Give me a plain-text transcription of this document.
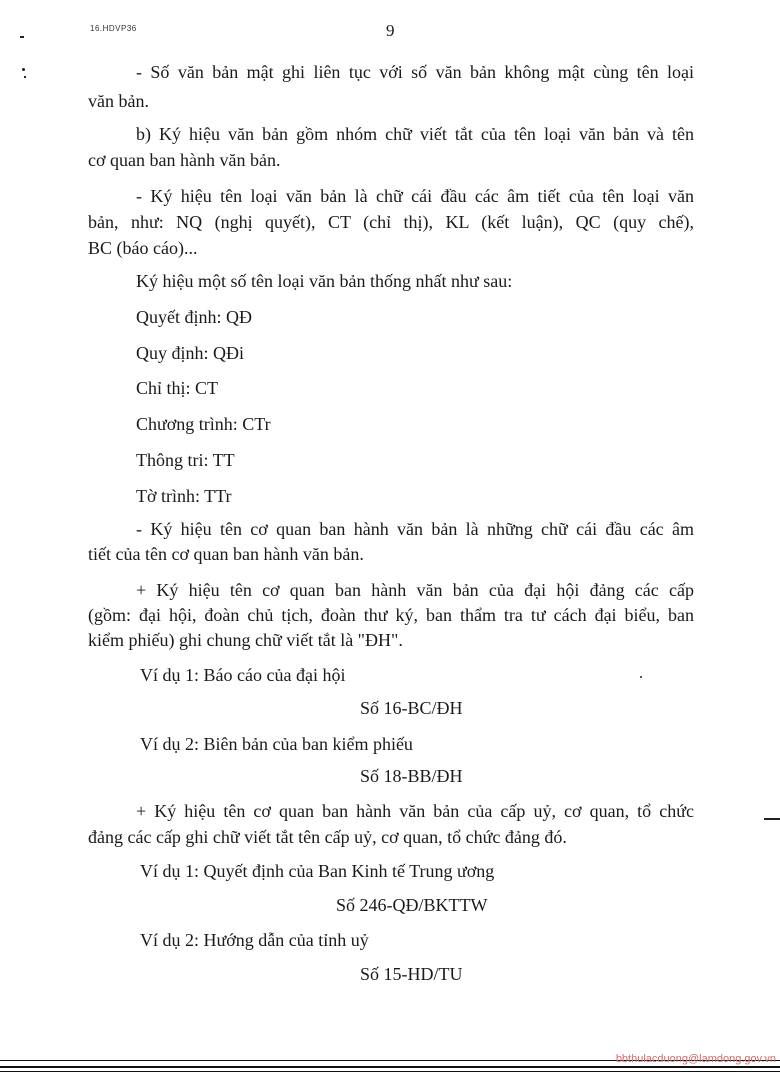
16.HDVP36	9
- Số văn bản mật ghi liên tục với số văn bản không mật cùng tên loại
văn bản.
b) Ký hiệu văn bản gồm nhóm chữ viết tắt của tên loại văn bản và tên
cơ quan ban hành văn bản.
- Ký hiệu tên loại văn bản là chữ cái đầu các âm tiết của tên loại văn
bản, như: NQ (nghị quyết), CT (chỉ thị), KL (kết luận), QC (quy chế),
BC (báo cáo)...
Ký hiệu một số tên loại văn bản thống nhất như sau:
Quyết định: QĐ
Quy định: QĐi
Chỉ thị: CT
Chương trình: CTr
Thông tri: TT
Tờ trình: TTr
- Ký hiệu tên cơ quan ban hành văn bản là những chữ cái đầu các âm
tiết của tên cơ quan ban hành văn bản.
+ Ký hiệu tên cơ quan ban hành văn bản của đại hội đảng các cấp
(gồm: đại hội, đoàn chủ tịch, đoàn thư ký, ban thẩm tra tư cách đại biểu, ban
kiểm phiếu) ghi chung chữ viết tắt là "ĐH".
Ví dụ 1: Báo cáo của đại hội
Số 16-BC/ĐH
Ví dụ 2: Biên bản của ban kiểm phiếu
Số 18-BB/ĐH
+ Ký hiệu tên cơ quan ban hành văn bản của cấp uỷ, cơ quan, tổ chức
đảng các cấp ghi chữ viết tắt tên cấp uỷ, cơ quan, tổ chức đảng đó.
Ví dụ 1: Quyết định của Ban Kinh tế Trung ương
Số 246-QĐ/BKTTW
Ví dụ 2: Hướng dẫn của tỉnh uỷ
Số 15-HD/TU
bbthulacduong@lamdong.gov.vn
